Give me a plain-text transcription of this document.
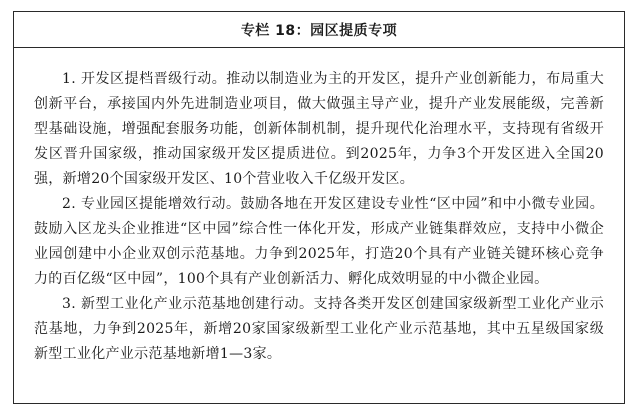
专栏 18：园区提质专项

1. 开发区提档晋级行动。推动以制造业为主的开发区，提升产业创新能力，布局重大创新平台，承接国内外先进制造业项目，做大做强主导产业，提升产业发展能级，完善新型基础设施，增强配套服务功能，创新体制机制，提升现代化治理水平，支持现有省级开发区晋升国家级，推动国家级开发区提质进位。到2025年，力争3个开发区进入全国20强，新增20个国家级开发区、10个营业收入千亿级开发区。

2. 专业园区提能增效行动。鼓励各地在开发区建设专业性“区中园”和中小微专业园。鼓励入区龙头企业推进“区中园”综合性一体化开发，形成产业链集群效应，支持中小微企业园创建中小企业双创示范基地。力争到2025年，打造20个具有产业链关键环核心竞争力的百亿级“区中园”，100个具有产业创新活力、孵化成效明显的中小微企业园。

3. 新型工业化产业示范基地创建行动。支持各类开发区创建国家级新型工业化产业示范基地，力争到2025年，新增20家国家级新型工业化产业示范基地，其中五星级国家级新型工业化产业示范基地新增1—3家。
